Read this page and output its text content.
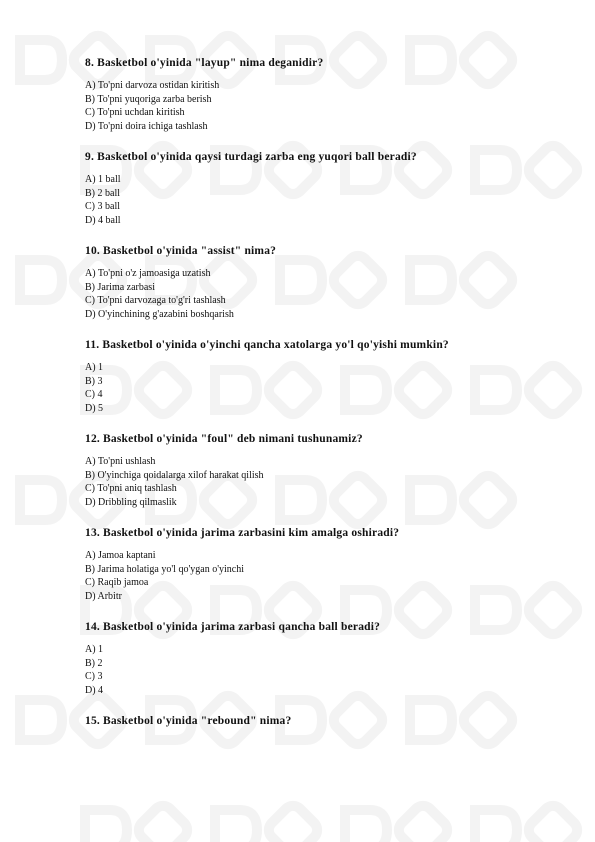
8. Basketbol o'yinida "layup" nima deganidir?

A) To'pni darvoza ostidan kiritish

B) To'pni yuqoriga zarba berish

C) To'pni uchdan kiritish

D) To'pni doira ichiga tashlash

9. Basketbol o'yinida qaysi turdagi zarba eng yuqori ball beradi?

A) 1 ball

B) 2 ball

C) 3 ball

D) 4 ball

10. Basketbol o'yinida "assist" nima?

A) To'pni o'z jamoasiga uzatish

B) Jarima zarbasi

C) To'pni darvozaga to'g'ri tashlash

D) O'yinchining g'azabini boshqarish

11. Basketbol o'yinida o'yinchi qancha xatolarga yo'l qo'yishi mumkin?

A) 1

B) 3

C) 4

D) 5

12. Basketbol o'yinida "foul" deb nimani tushunamiz?

A) To'pni ushlash

B) O'yinchiga qoidalarga xilof harakat qilish

C) To'pni aniq tashlash

D) Dribbling qilmaslik

13. Basketbol o'yinida jarima zarbasini kim amalga oshiradi?

A) Jamoa kaptani

B) Jarima holatiga yo'l qo'ygan o'yinchi

C) Raqib jamoa

D) Arbitr

14. Basketbol o'yinida jarima zarbasi qancha ball beradi?

A) 1

B) 2

C) 3

D) 4

15. Basketbol o'yinida "rebound" nima?
